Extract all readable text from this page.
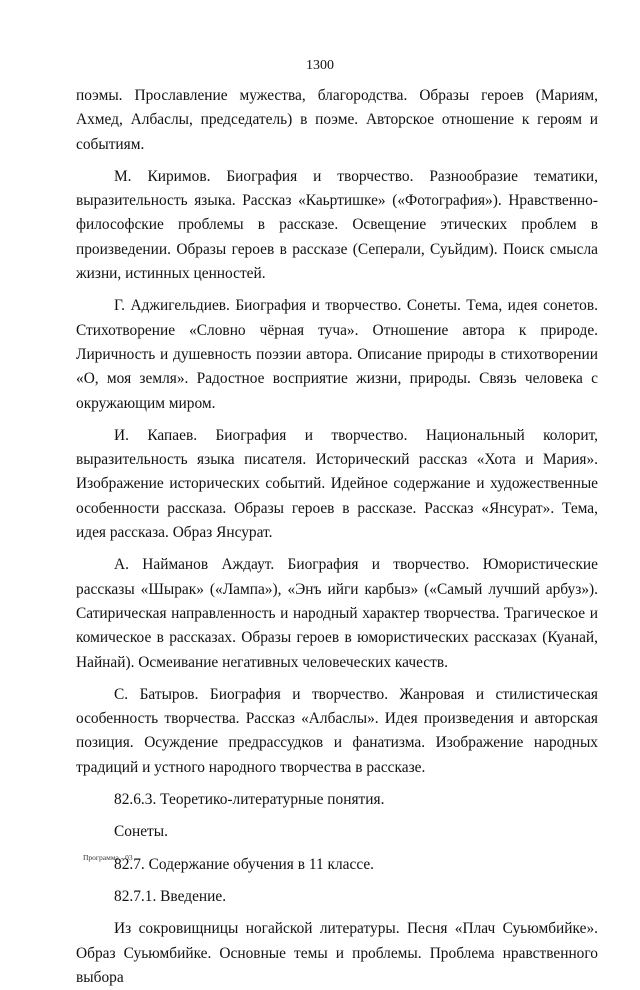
1300

поэмы. Прославление мужества, благородства. Образы героев (Мариям, Ахмед, Албаслы, председатель) в поэме. Авторское отношение к героям и событиям.

М. Киримов. Биография и творчество. Разнообразие тематики, выразительность языка. Рассказ «Каьртишке» («Фотография»). Нравственно-философские проблемы в рассказе. Освещение этических проблем в произведении. Образы героев в рассказе (Сеперали, Суьйдим). Поиск смысла жизни, истинных ценностей.

Г. Аджигельдиев. Биография и творчество. Сонеты. Тема, идея сонетов. Стихотворение «Словно чёрная туча». Отношение автора к природе. Лиричность и душевность поэзии автора. Описание природы в стихотворении «О, моя земля». Радостное восприятие жизни, природы. Связь человека с окружающим миром.

И. Капаев. Биография и творчество. Национальный колорит, выразительность языка писателя. Исторический рассказ «Хота и Мария». Изображение исторических событий. Идейное содержание и художественные особенности рассказа. Образы героев в рассказе. Рассказ «Янсурат». Тема, идея рассказа. Образ Янсурат.

А. Найманов Аждаут. Биография и творчество. Юмористические рассказы «Шырак» («Лампа»), «Энъ ийги карбыз» («Самый лучший арбуз»). Сатирическая направленность и народный характер творчества. Трагическое и комическое в рассказах. Образы героев в юмористических рассказах (Куанай, Найнай). Осмеивание негативных человеческих качеств.

С. Батыров. Биография и творчество. Жанровая и стилистическая особенность творчества. Рассказ «Албаслы». Идея произведения и авторская позиция. Осуждение предрассудков и фанатизма. Изображение народных традиций и устного народного творчества в рассказе.

82.6.3. Теоретико-литературные понятия.

Сонеты.

82.7. Содержание обучения в 11 классе.

82.7.1. Введение.

Из сокровищницы ногайской литературы. Песня «Плач Суьюмбийке». Образ Суьюмбийке. Основные темы и проблемы. Проблема нравственного выбора

Программа - 03
